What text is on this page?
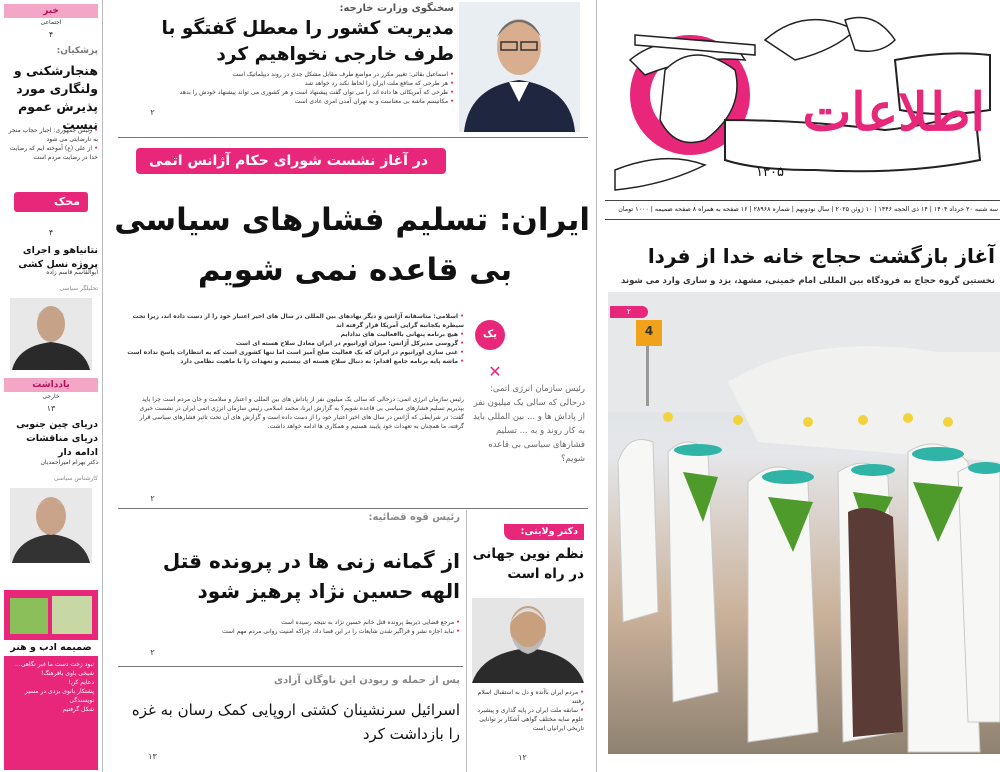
اطلاعات
۱۳۰۵
سه شنبه ۲۰ خرداد ۱۴۰۴ | ۱۴ ذی الحجه ۱۴۴۶ | ۱۰ ژوئن ۲۰۲۵ | سال نودونهم | شماره ۲۸۹۶۸ | ۱۶ صفحه به همراه ۸ صفحه ضمیمه | ۱۰۰۰ تومان
آغاز بازگشت حجاج خانه خدا از فردا
نخستین گروه حجاج به فرودگاه بین المللی امام خمینی، مشهد، یزد و ساری وارد می شوند
4
۲
سخنگوی وزارت خارجه:
مدیریت کشور را معطل گفتگو با طرف خارجی نخواهیم کرد
• اسماعیل بقائی: تغییر مکرر در مواضع طرف مقابل مشکل جدی در روند دیپلماتیک است
• هر طرحی که منافع ملت ایران را لحاظ نکند رد خواهد شد
• طرحی که آمریکائی ها داده اند را می توان گفت پیشنهاد است و هر کشوری می تواند پیشنهاد خودش را بدهد
• مکانیسم ماشه بی معناست و به تهران آمدن امری عادی است
۲
در آغاز نشست شورای حکام آژانس اتمی
ایران: تسلیم فشارهای سیاسی
بی قاعده نمی شویم
• اسلامی: متاسفانه آژانس و دیگر نهادهای بین المللی در سال های اخیر اعتبار خود را از دست داده اند، زیرا تحت سیطره یکجانبه گرایی آمریکا قرار گرفته اند
• هیچ برنامه پنهانی باافعالیت های ندادایم
• گروسی مدیرکل آژانس: میزان اورانیوم در ایران معادل سلاح هسته ای است
• غنی سازی اورانیوم در ایران که یک فعالیت صلح آمیز است اما تنها کشوری است که به انتظارات پاسخ نداده است
• ماشه پایه برنامه جامع اقدام: به دنبال سلاح هسته ای نیستیم و تعهدات را با ماهیت نظامی دارد
رئیس سازمان انرژی اتمی: درحالی که سالی یک میلیون نفر از پاداش های بین المللی و اعتبار و سلامت و جان مردم است چرا باید بپذیریم تسلیم فشارهای سیاسی بی قاعده شویم؟ به گزارش ایرنا، محمد اسلامی رئیس سازمان انرژی اتمی ایران در نشست خبری گفت: در شرایطی که آژانس در سال های اخیر اعتبار خود را از دست داده است و گزارش های آن تحت تاثیر فشارهای سیاسی قرار گرفته، ما همچنان به تعهدات خود پایبند هستیم و همکاری ها ادامه خواهد داشت.
۲
یک
✕
رئیس سازمان انرژی اتمی: درحالی که سالی یک میلیون نفر از پاداش ها و ... بین المللی باید به کار روند و به ... تسلیم فشارهای سیاسی بی قاعده شویم؟
رئیس قوه قضائیه:
از گمانه زنی ها در پرونده قتل الهه حسین نژاد پرهیز شود
• مرجع قضایی ذیربط پرونده قتل خانم حسین نژاد به نتیجه رسیده است
• نباید اجازه نشر و فراگیر شدن شایعات را در این فضا داد، چراکه امنیت روانی مردم مهم است
۲
پس از حمله و ربودن این ناوگان آزادی
اسرائیل سرنشینان کشتی اروپایی کمک رسان به غزه را بازداشت کرد
۱۳
دکتر ولایتی:
نظم نوین جهانی در راه است
• مردم ایران باآنده و دل به استقبال اسلام رفتند
• سابقه ملت ایران در پایه گذاری و پیشبرد علوم سایه مختلف گواهی آشکار بر توانایی تاریخی ایرانیان است
۱۲
خبر
اجتماعی
۴
پزشکیان:
هنجارشکنی و ولنگاری مورد پذیرش عموم نیست
• رئیس جمهوری: اجبار حجاب منجر به نارضایتی می شود
• از علی (ع) آموخته ایم که رضایت خدا در رضایت مردم است
محک
۴
نتانیاهو و اجرای پروژه نسل کشی
ابوالقاسم قاسم زاده
تحلیلگر سیاسی
یادداشت
خارجی
۱۳
دریای چین جنوبی دریای مناقشات ادامه دار
دکتر بهرام امیراحمدیان
کارشناس سیاسی
ضمیمه ادب و هنر
نبود زخت دست ما غبر نگاهی...
شیخی باوی بافرهنگ!
دعایم کن!
پشتکار بانوی بزدی در مسیر نویسندگی
شکل گرفتیم
